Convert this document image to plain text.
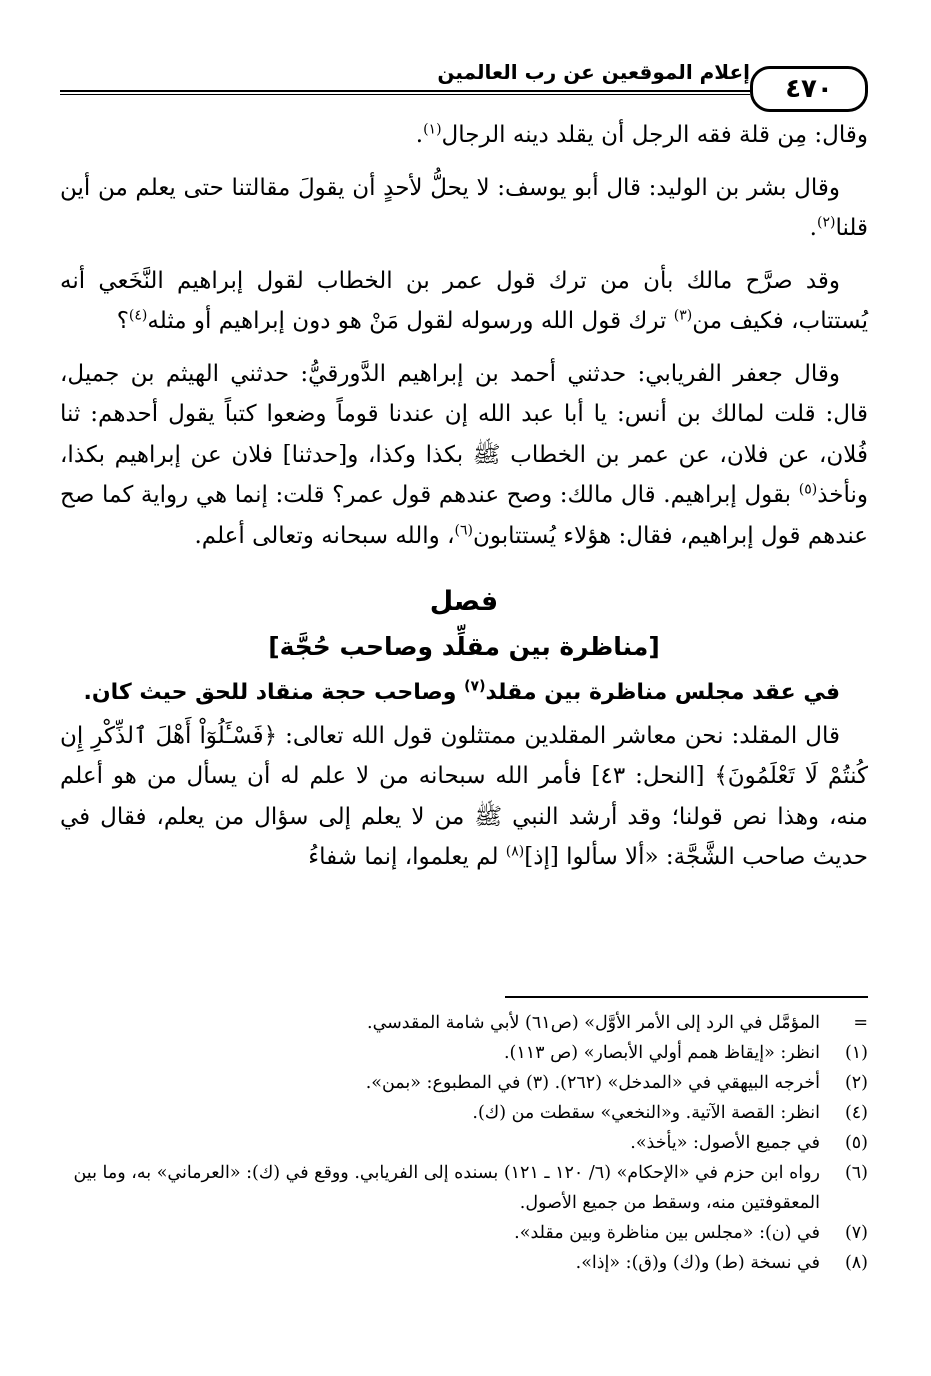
إعلام الموقعين عن رب العالمين
٤٧٠

وقال: مِن قلة فقه الرجل أن يقلد دينه الرجال$^{(١)}$.

وقال بشر بن الوليد: قال أبو يوسف: لا يحلُّ لأحدٍ أن يقولَ مقالتنا حتى يعلم من أين قلنا$^{(٢)}$.

وقد صرَّح مالك بأن من ترك قول عمر بن الخطاب لقول إبراهيم النَّخَعي أنه يُستتاب، فكيف من$^{(٣)}$ ترك قول الله ورسوله لقول مَنْ هو دون إبراهيم أو مثله$^{(٤)}$؟

وقال جعفر الفريابي: حدثني أحمد بن إبراهيم الدَّورقيُّ: حدثني الهيثم بن جميل، قال: قلت لمالك بن أنس: يا أبا عبد الله إن عندنا قوماً وضعوا كتباً يقول أحدهم: ثنا فُلان، عن فلان، عن عمر بن الخطاب ﷺ بكذا وكذا، و[حدثنا] فلان عن إبراهيم بكذا، ونأخذ$^{(٥)}$ بقول إبراهيم. قال مالك: وصح عندهم قول عمر؟ قلت: إنما هي رواية كما صح عندهم قول إبراهيم، فقال: هؤلاء يُستتابون$^{(٦)}$، والله سبحانه وتعالى أعلم.

فصل
[مناظرة بين مقلِّد وصاحب حُجَّة]

في عقد مجلس مناظرة بين مقلد$^{(٧)}$ وصاحب حجة منقاد للحق حيث كان.

قال المقلد: نحن معاشر المقلدين ممتثلون قول الله تعالى: ﴿فَسْـَٔلُوٓاْ أَهْلَ ٱلذِّكْرِ إِن كُنتُمْ لَا تَعْلَمُونَ﴾ [النحل: ٤٣] فأمر الله سبحانه من لا علم له أن يسأل من هو أعلم منه، وهذا نص قولنا؛ وقد أرشد النبي ﷺ من لا يعلم إلى سؤال من يعلم، فقال في حديث صاحب الشَّجَّة: «ألا سألوا [إذ]$^{(٨)}$ لم يعلموا، إنما شفاءُ

=
المؤمَّل في الرد إلى الأمر الأوَّل» (ص٦١) لأبي شامة المقدسي.
(١)
انظر: «إيقاظ همم أولي الأبصار» (ص ١١٣).
(٢)
أخرجه البيهقي في «المدخل» (٢٦٢). (٣) في المطبوع: «بمن».
(٤)
انظر: القصة الآتية. و«النخعي» سقطت من (ك).
(٥)
في جميع الأصول: «يأخذ».
(٦)
رواه ابن حزم في «الإحكام» (٦/ ١٢٠ ـ ١٢١) بسنده إلى الفريابي. ووقع في (ك): «العرماني» به، وما بين المعقوفتين منه، وسقط من جميع الأصول.
(٧)
في (ن): «مجلس بين مناظرة وبين مقلد».
(٨)
في نسخة (ط) و(ك) و(ق): «إذا».
